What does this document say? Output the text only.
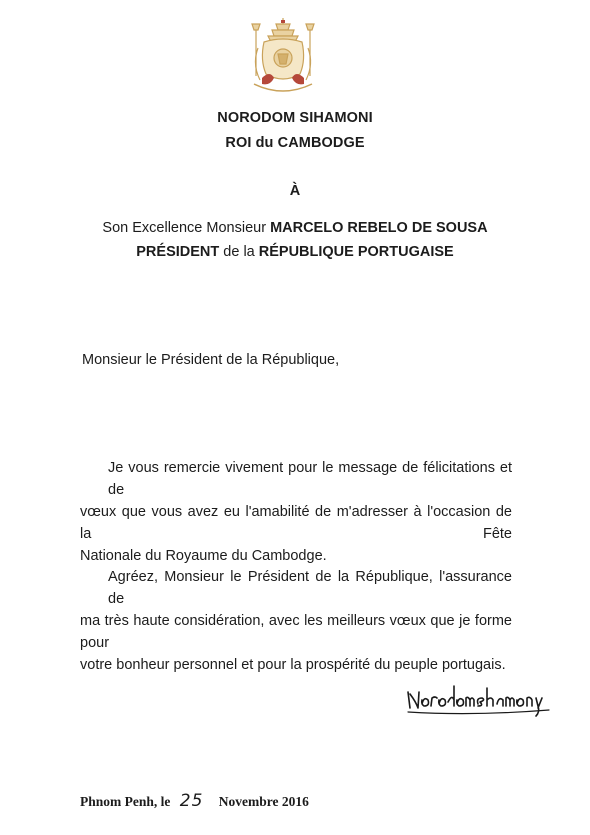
NORODOM SIHAMONI
ROI du CAMBODGE
À
Son Excellence Monsieur MARCELO REBELO DE SOUSA
PRÉSIDENT de la RÉPUBLIQUE PORTUGAISE
Monsieur le Président de la République,
Je vous remercie vivement pour le message de félicitations et de
vœux que vous avez eu l'amabilité de m'adresser à l'occasion de la Fête
Nationale du Royaume du Cambodge.
Agréez, Monsieur le Président de la République, l'assurance de
ma très haute considération, avec les meilleurs vœux que je forme pour
votre bonheur personnel et pour la prospérité du peuple portugais.
Phnom Penh, le 25 Novembre 2016
